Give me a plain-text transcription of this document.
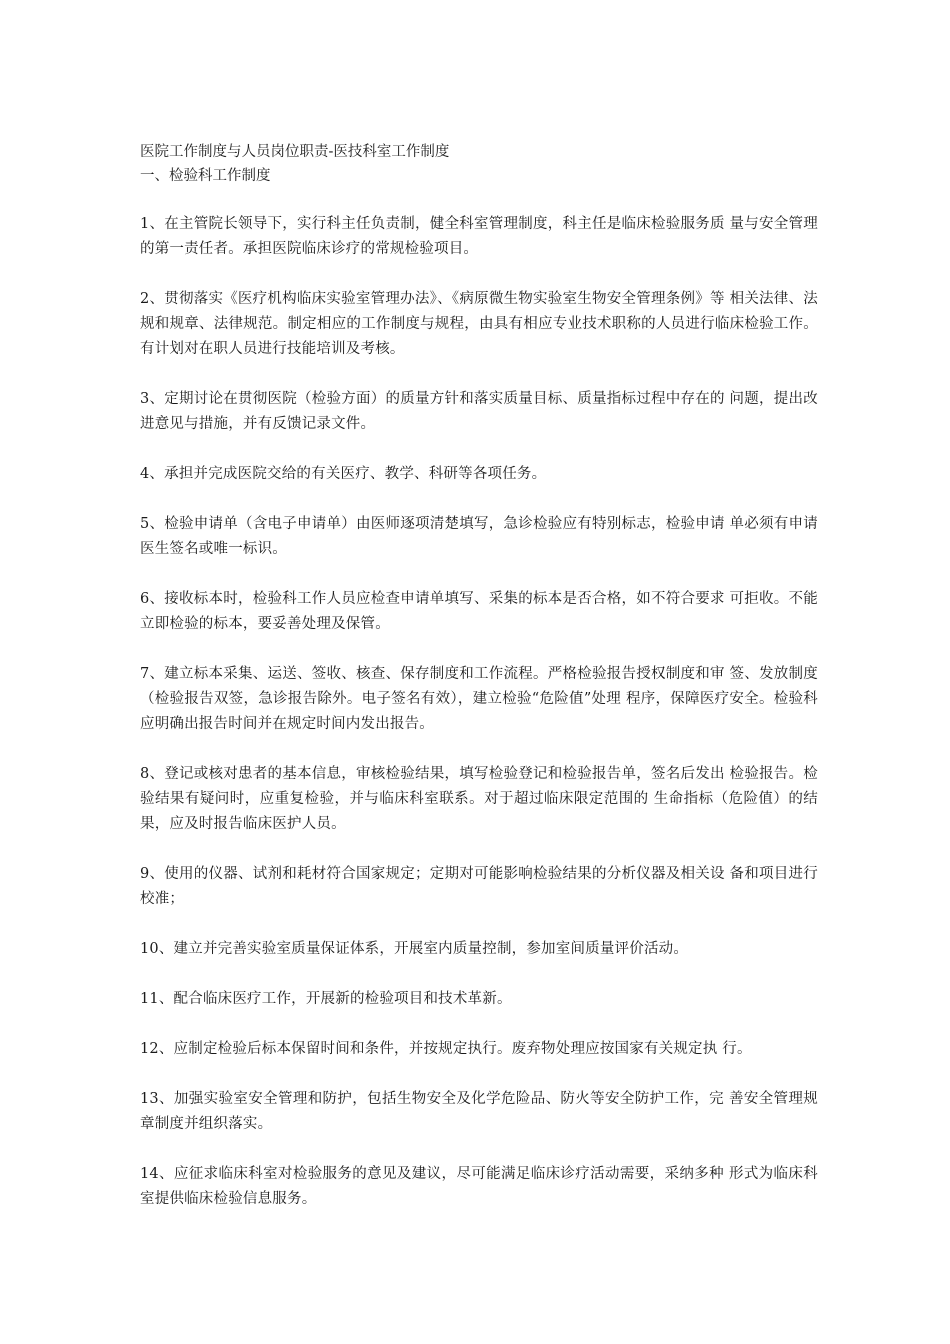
医院工作制度与人员岗位职责-医技科室工作制度

一、检验科工作制度

1、在主管院长领导下，实行科主任负责制，健全科室管理制度，科主任是临床检验服务质 量与安全管理的第一责任者。承担医院临床诊疗的常规检验项目。
2、贯彻落实《医疗机构临床实验室管理办法》、《病原微生物实验室生物安全管理条例》等 相关法律、法规和规章、法律规范。制定相应的工作制度与规程，由具有相应专业技术职称的人员进行临床检验工作。有计划对在职人员进行技能培训及考核。
3、定期讨论在贯彻医院（检验方面）的质量方针和落实质量目标、质量指标过程中存在的 问题，提出改进意见与措施，并有反馈记录文件。
4、承担并完成医院交给的有关医疗、教学、科研等各项任务。
5、检验申请单（含电子申请单）由医师逐项清楚填写，急诊检验应有特别标志，检验申请 单必须有申请医生签名或唯一标识。
6、接收标本时，检验科工作人员应检查申请单填写、采集的标本是否合格，如不符合要求 可拒收。不能立即检验的标本，要妥善处理及保管。
7、建立标本采集、运送、签收、核查、保存制度和工作流程。严格检验报告授权制度和审 签、发放制度（检验报告双签，急诊报告除外。电子签名有效），建立检验“危险值”处理 程序，保障医疗安全。检验科应明确出报告时间并在规定时间内发出报告。
8、登记或核对患者的基本信息，审核检验结果，填写检验登记和检验报告单，签名后发出 检验报告。检验结果有疑问时，应重复检验，并与临床科室联系。对于超过临床限定范围的 生命指标（危险值）的结果，应及时报告临床医护人员。
9、使用的仪器、试剂和耗材符合国家规定；定期对可能影响检验结果的分析仪器及相关设 备和项目进行校准；
10、建立并完善实验室质量保证体系，开展室内质量控制，参加室间质量评价活动。
11、配合临床医疗工作，开展新的检验项目和技术革新。
12、应制定检验后标本保留时间和条件，并按规定执行。废弃物处理应按国家有关规定执 行。
13、加强实验室安全管理和防护，包括生物安全及化学危险品、防火等安全防护工作，完 善安全管理规章制度并组织落实。
14、应征求临床科室对检验服务的意见及建议，尽可能满足临床诊疗活动需要，采纳多种 形式为临床科室提供临床检验信息服务。
